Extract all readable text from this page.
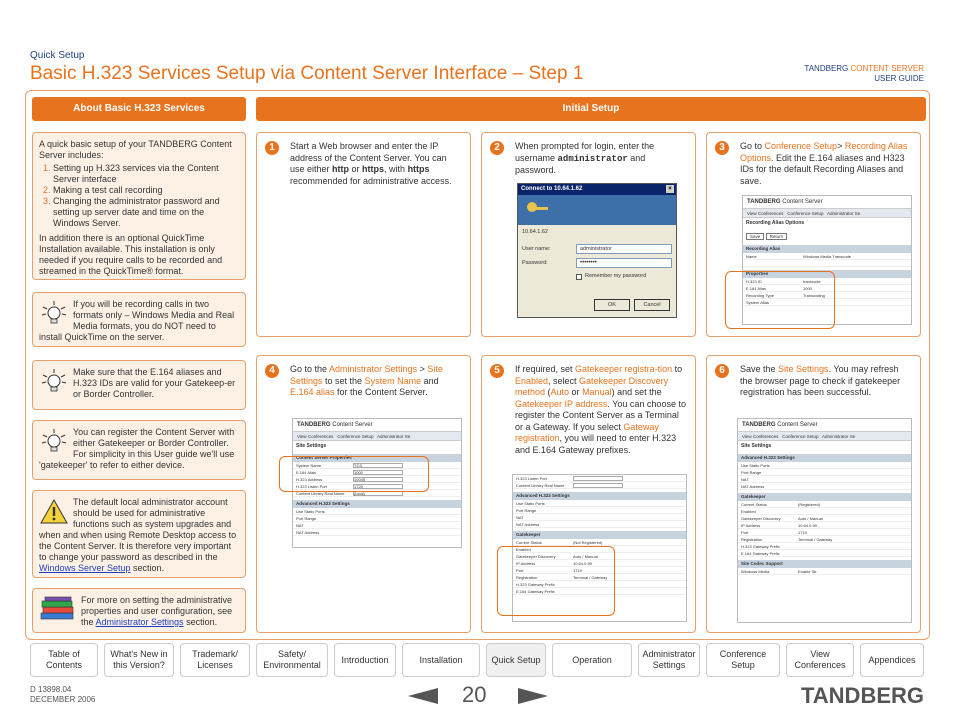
Quick Setup
Basic H.323 Services Setup via Content Server Interface – Step 1	TANDBERG CONTENT SERVER
USER GUIDE
About Basic H.323 Services	Initial Setup
A quick basic setup of your TANDBERG Content Server includes:
1. Setting up H.323 services via the Content Server interface
2. Making a test call recording
3. Changing the administrator password and setting up server date and time on the Windows Server.
In addition there is an optional QuickTime Installation available. This installation is only needed if you require calls to be recorded and streamed in the QuickTime® format.
If you will be recording calls in two formats only – Windows Media and Real Media formats, you do NOT need to install QuickTime on the server.
Make sure that the E.164 aliases and H.323 IDs are valid for your Gatekeep-er or Border Controller.
You can register the Content Server with either Gatekeeper or Border Controller. For simplicity in this User guide we'll use 'gatekeeper' to refer to either device.
The default local administrator account should be used for administrative functions such as system upgrades and when and when using Remote Desktop access to the Content Server. It is therefore very important to change your password as described in the Windows Server Setup section.
For more on setting the administrative properties and user configuration, see the Administrator Settings section.
1	Start a Web browser and enter the IP address of the Content Server. You can use either http or https, with https recommended for administrative access.
2	When prompted for login, enter the username administrator and password.
Connect to 10.64.1.62	×
10.64.1.62
User name:	administrator
Password:	••••••••
Remember my password
OK	Cancel
3	Go to Conference Setup> Recording Alias Options. Edit the E.164 aliases and H323 IDs for the default Recording Aliases and save.
TANDBERG Content Server
View Conferences Conference Setup Administrator Se
Recording Alias Options
Save Return
Recording Alias
Name	Windows Media Transcode
Properties
H.323 ID	transcode
E.164 Alias	1000
Recording Type	Transcoding
System Alias
4	Go to the Administrator Settings > Site Settings to set the System Name and E.164 alias for the Content Server.
TANDBERG Content Server
View Conferences Conference Setup Administrator Se
Site Settings
Content Server Properties
System Name	TCS
E.164 Alias	1000
H.323 Address	10045
H.323 Listen Port	1720
Content Library Real Name (local)
Advanced H.323 Settings
Use Static Ports
Port Range
NAT
NAT Address
5	If required, set Gatekeeper registra-tion to Enabled, select Gatekeeper Discovery method (Auto or Manual) and set the Gatekeeper IP address. You can choose to register the Content Server as a Terminal or a Gateway. If you select Gateway registration, you will need to enter H.323 and E.164 Gateway prefixes.
H.323 Listen Port
Content Library Real Name
Advanced H.323 Settings
Use Static Ports
Port Range
NAT
NAT Address
Gatekeeper
Current Status	(Not Registered)
Enabled
Gatekeeper Discovery	Auto / Manual
IP Address	10.64.0.59
Port	1719
Registration	Terminal / Gateway
H.323 Gateway Prefix
E.164 Gateway Prefix
6	Save the Site Settings. You may refresh the browser page to check if gatekeeper registration has been successful.
TANDBERG Content Server
View Conferences Conference Setup Administrator Se
Site Settings
Advanced H.323 Settings
Use Static Ports
Port Range
NAT
NAT Address
Gatekeeper
Current Status	(Registered)
Enabled
Gatekeeper Discovery	Auto / Manual
IP Address	10.64.0.59
Port	1719
Registration	Terminal / Gateway
H.323 Gateway Prefix
E.164 Gateway Prefix
Site Codec Support
Windows Media	Enable Str
Table of Contents
What's New in this Version?
Trademark/ Licenses
Safety/ Environmental
Introduction	Installation	Quick Setup	Operation
Administrator Settings
Conference Setup
View Conferences
Appendices
D 13898.04
DECEMBER 2006	20	TANDBERG
